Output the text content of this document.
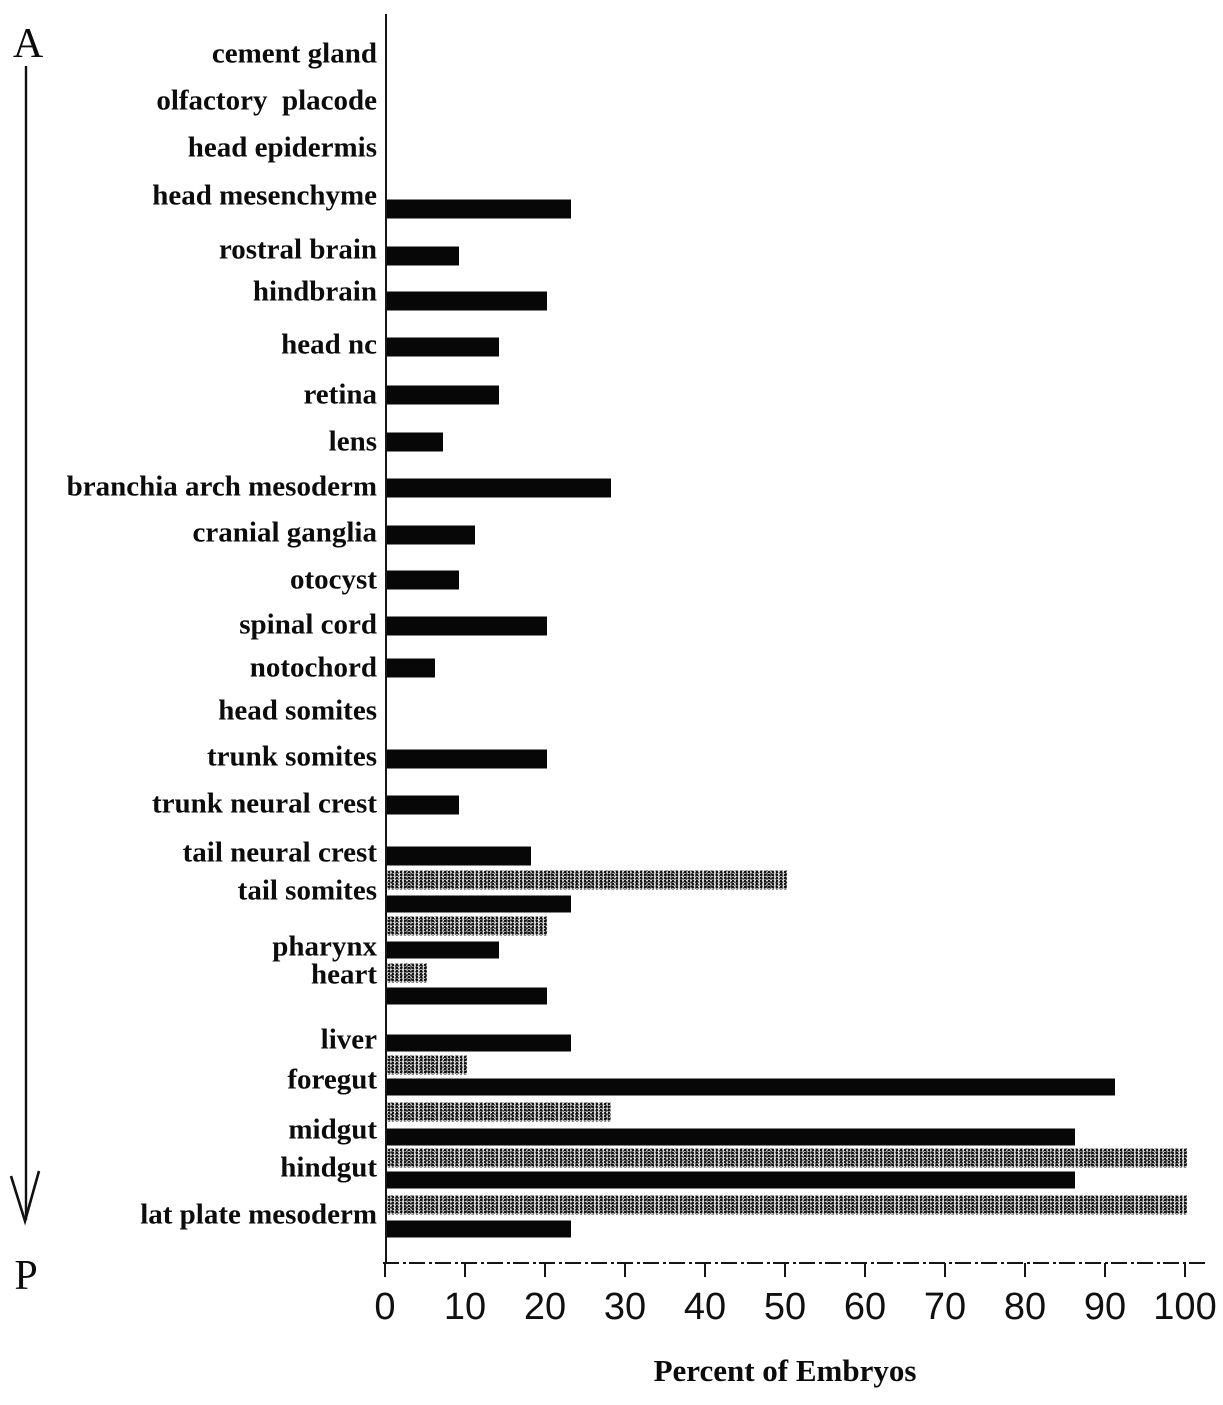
A
P
cement gland
olfactory  placode
head epidermis
head mesenchyme
rostral brain
hindbrain
head nc
retina
lens
branchia arch mesoderm
cranial ganglia
otocyst
spinal cord
notochord
head somites
trunk somites
trunk neural crest
tail neural crest
tail somites
pharynx
heart
liver
foregut
midgut
hindgut
lat plate mesoderm
0	10 20 30 40 50 60 70 80 90 100
Percent of Embryos
